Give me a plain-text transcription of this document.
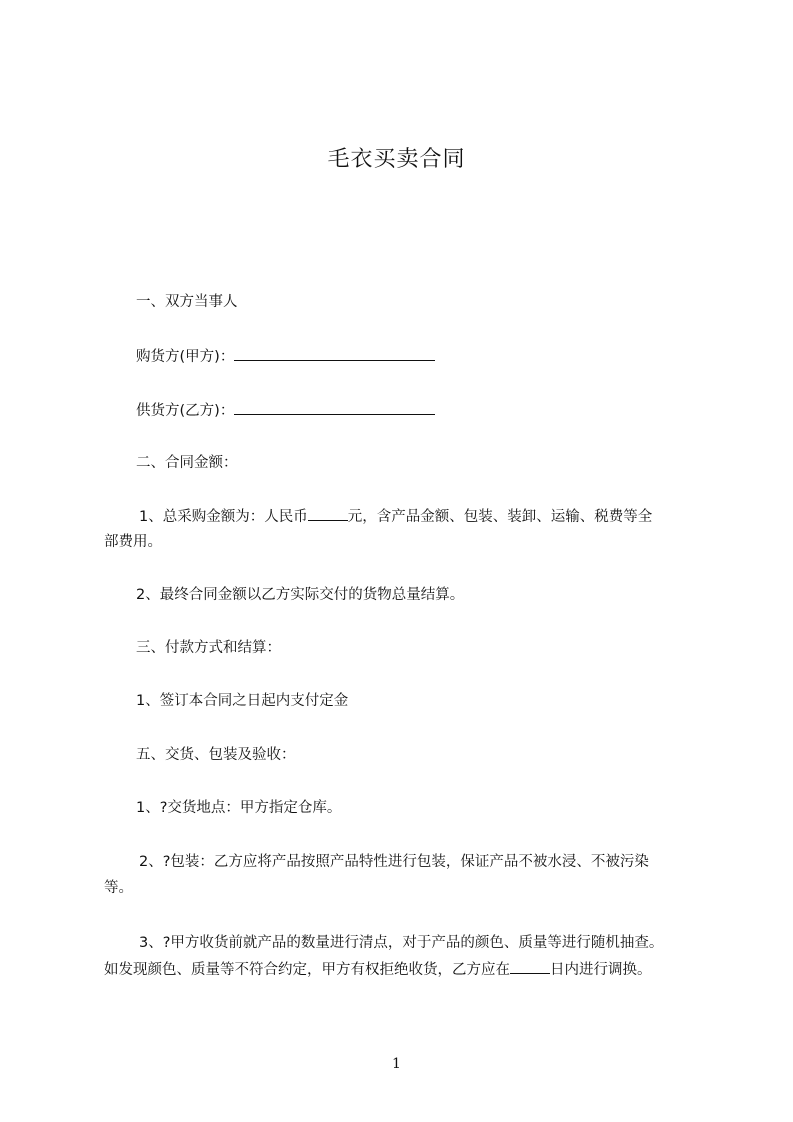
毛衣买卖合同
一、双方当事人
购货方(甲方)：
供货方(乙方)：
二、合同金额：
1、总采购金额为：人民币	元，含产品金额、包装、装卸、运输、税费等全
部费用。
2、最终合同金额以乙方实际交付的货物总量结算。
三、付款方式和结算：
1、签订本合同之日起内支付定金
五、交货、包装及验收：
1、?交货地点：甲方指定仓库。
2、?包装：乙方应将产品按照产品特性进行包装，保证产品不被水浸、不被污染
等。
3、?甲方收货前就产品的数量进行清点，对于产品的颜色、质量等进行随机抽查。
如发现颜色、质量等不符合约定，甲方有权拒绝收货，乙方应在	日内进行调换。
1
